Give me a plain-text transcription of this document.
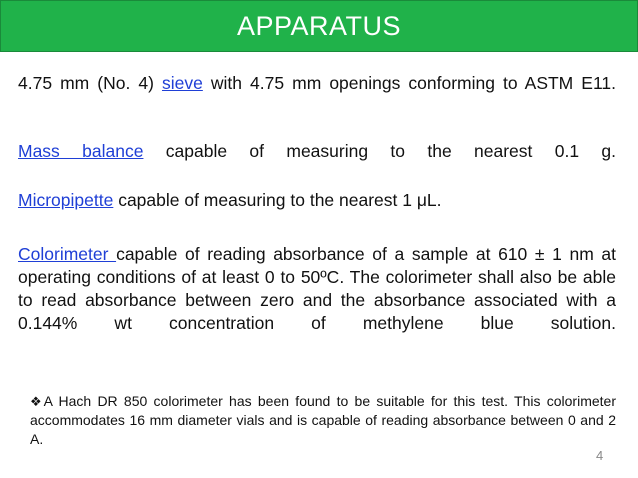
APPARATUS
4.75 mm (No. 4) sieve with 4.75 mm openings conforming to ASTM E11.
Mass balance capable of measuring to the nearest 0.1 g.
Micropipette capable of measuring to the nearest 1 μL.
Colorimeter capable of reading absorbance of a sample at 610 ± 1 nm at operating conditions of at least 0 to 50ºC. The colorimeter shall also be able to read absorbance between zero and the absorbance associated with a 0.144% wt concentration of methylene blue solution.
❖ A Hach DR 850 colorimeter has been found to be suitable for this test. This colorimeter accommodates 16 mm diameter vials and is capable of reading absorbance between 0 and 2 A.
4
